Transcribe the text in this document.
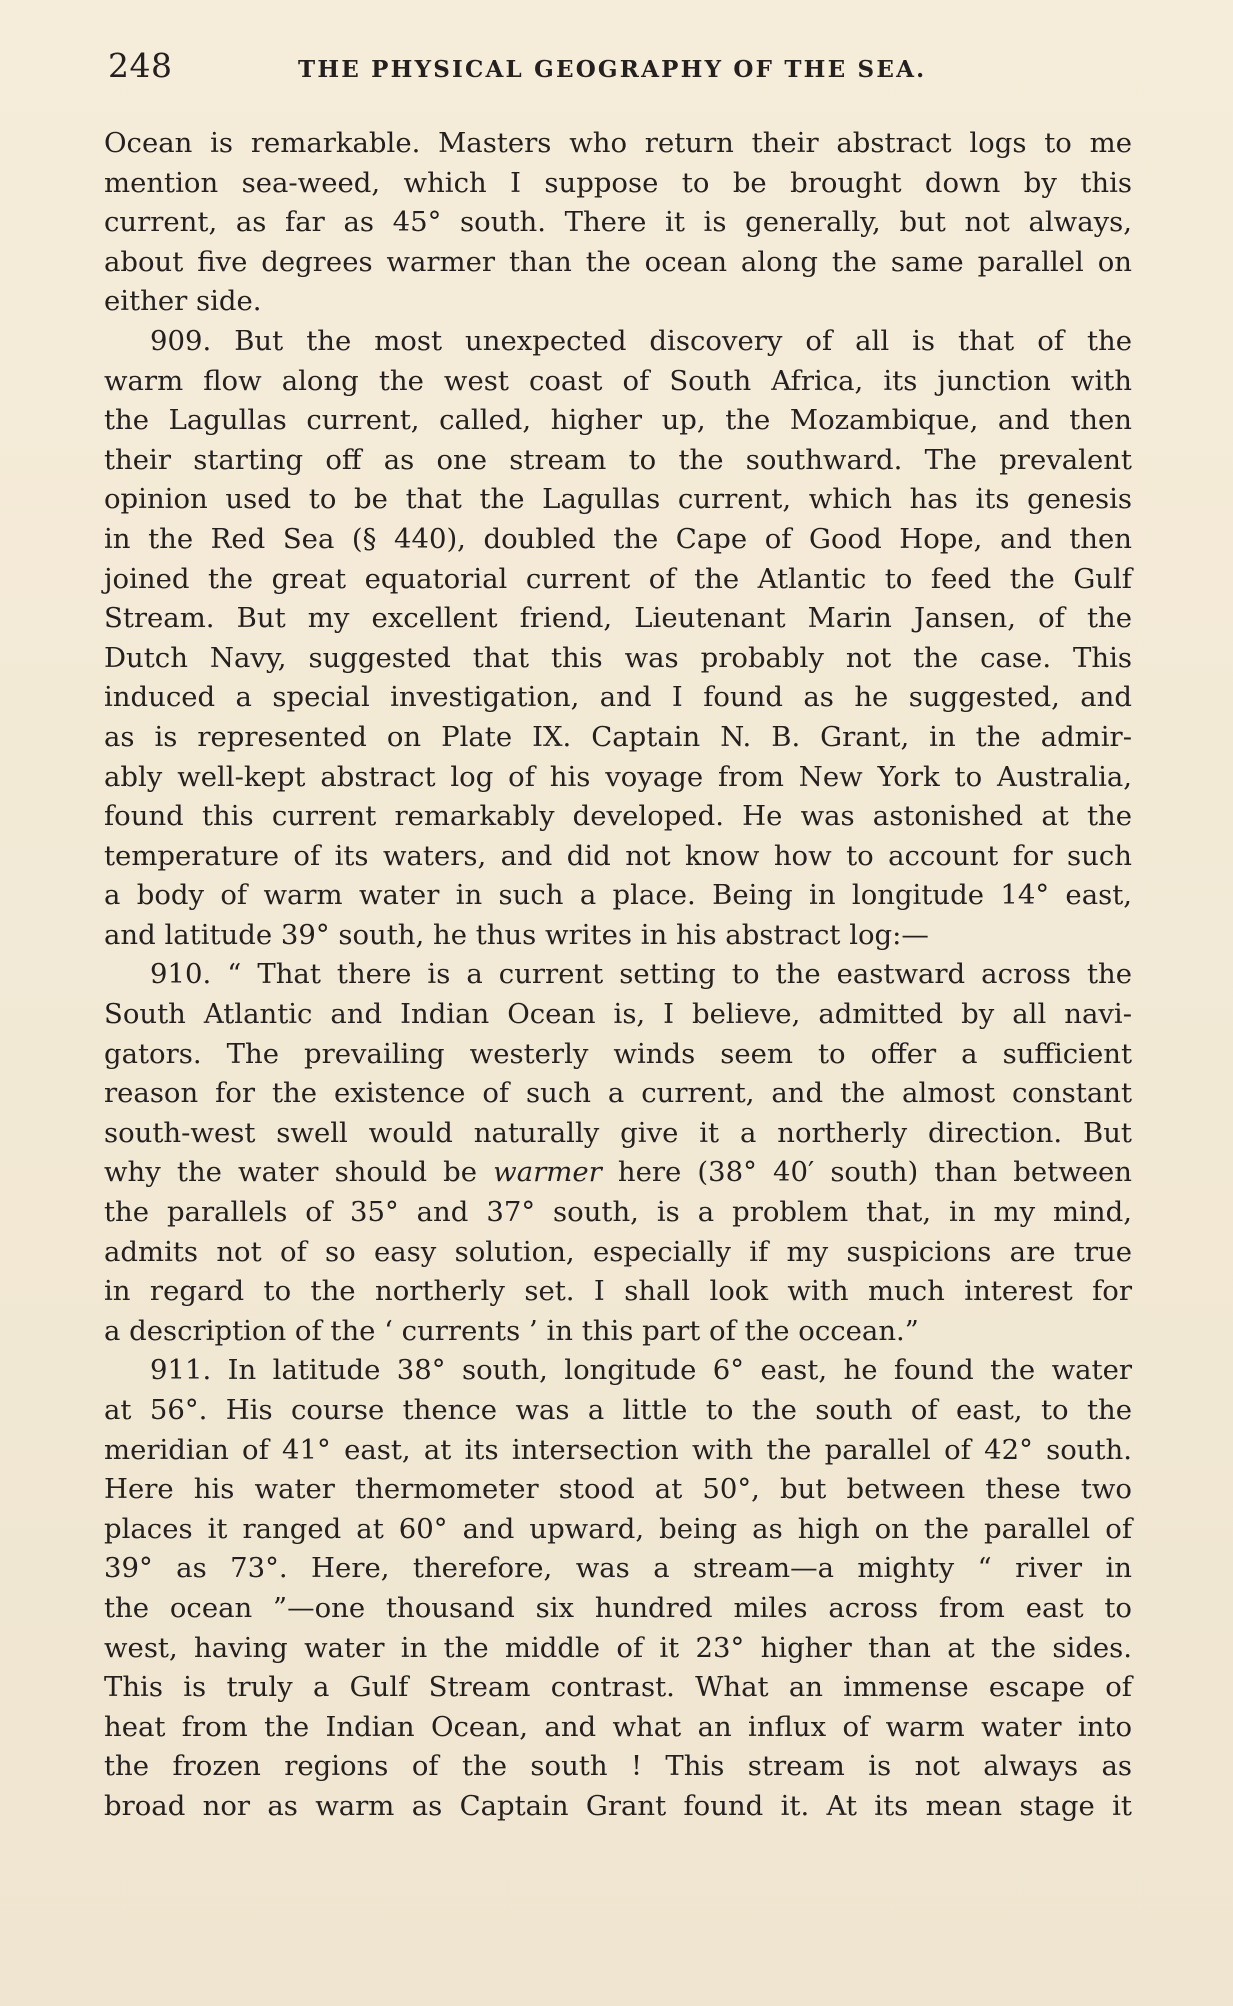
248	THE PHYSICAL GEOGRAPHY OF THE SEA.
Ocean is remarkable. Masters who return their abstract logs to me
mention sea-weed, which I suppose to be brought down by this
current, as far as 45° south. There it is generally, but not always,
about five degrees warmer than the ocean along the same parallel on
either side.
909. But the most unexpected discovery of all is that of the
warm flow along the west coast of South Africa, its junction with
the Lagullas current, called, higher up, the Mozambique, and then
their starting off as one stream to the southward. The prevalent
opinion used to be that the Lagullas current, which has its genesis
in the Red Sea (§ 440), doubled the Cape of Good Hope, and then
joined the great equatorial current of the Atlantic to feed the Gulf
Stream. But my excellent friend, Lieutenant Marin Jansen, of the
Dutch Navy, suggested that this was probably not the case. This
induced a special investigation, and I found as he suggested, and
as is represented on Plate IX. Captain N. B. Grant, in the admir-
ably well-kept abstract log of his voyage from New York to Australia,
found this current remarkably developed. He was astonished at the
temperature of its waters, and did not know how to account for such
a body of warm water in such a place. Being in longitude 14° east,
and latitude 39° south, he thus writes in his abstract log:—
910. “ That there is a current setting to the eastward across the
South Atlantic and Indian Ocean is, I believe, admitted by all navi-
gators. The prevailing westerly winds seem to offer a sufficient
reason for the existence of such a current, and the almost constant
south-west swell would naturally give it a northerly direction. But
why the water should be warmer here (38° 40′ south) than between
the parallels of 35° and 37° south, is a problem that, in my mind,
admits not of so easy solution, especially if my suspicions are true
in regard to the northerly set. I shall look with much interest for
a description of the ‘ currents ’ in this part of the occean.”
911. In latitude 38° south, longitude 6° east, he found the water
at 56°. His course thence was a little to the south of east, to the
meridian of 41° east, at its intersection with the parallel of 42° south.
Here his water thermometer stood at 50°, but between these two
places it ranged at 60° and upward, being as high on the parallel of
39° as 73°. Here, therefore, was a stream—a mighty “ river in
the ocean ”—one thousand six hundred miles across from east to
west, having water in the middle of it 23° higher than at the sides.
This is truly a Gulf Stream contrast. What an immense escape of
heat from the Indian Ocean, and what an influx of warm water into
the frozen regions of the south ! This stream is not always as
broad nor as warm as Captain Grant found it. At its mean stage it
